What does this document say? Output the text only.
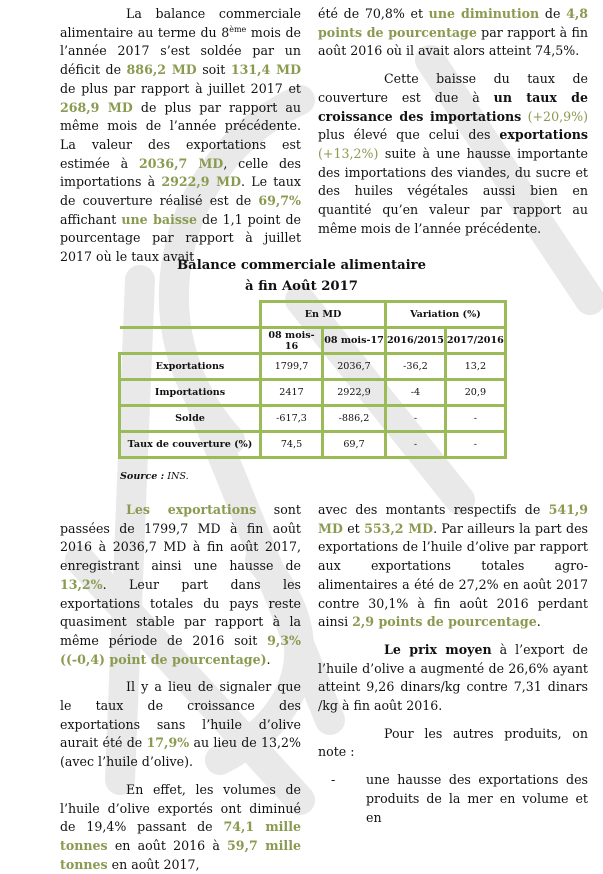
La balance commerciale alimentaire au terme du 8ème mois de l’année 2017 s’est soldée par un déficit de 886,2 MD soit 131,4 MD de plus par rapport à juillet 2017 et 268,9 MD de plus par rapport au même mois de l’année précédente. La valeur des exportations est estimée à 2036,7 MD, celle des importations à 2922,9 MD. Le taux de couverture réalisé est de 69,7% affichant une baisse de 1,1 point de pourcentage par rapport à juillet 2017 où le taux avait

été de 70,8% et une diminution de 4,8 points de pourcentage par rapport à fin août 2016 où il avait alors atteint 74,5%.

Cette baisse du taux de couverture est due à un taux de croissance des importations (+20,9%) plus élevé que celui des exportations (+13,2%) suite à une hausse importante des importations des viandes, du sucre et des huiles végétales aussi bien en quantité qu’en valeur par rapport au même mois de l’année précédente.

Balance commerciale alimentaire
à fin Août 2017
	En MD		Variation (%)	
	08 mois-16	08 mois-17	2016/2015	2017/2016
Exportations	1799,7	2036,7	-36,2	13,2
Importations	2417	2922,9	-4	20,9
Solde	-617,3	-886,2	-	-
Taux de couverture (%)	74,5	69,7	-	-
Source : INS.

Les exportations sont passées de 1799,7 MD à fin août 2016 à 2036,7 MD à fin août 2017, enregistrant ainsi une hausse de 13,2%. Leur part dans les exportations totales du pays reste quasiment stable par rapport à la même période de 2016 soit 9,3% ((-0,4) point de pourcentage).

Il y a lieu de signaler que le taux de croissance des exportations sans l’huile d’olive aurait été de 17,9% au lieu de 13,2% (avec l’huile d’olive).

En effet, les volumes de l’huile d’olive exportés ont diminué de 19,4% passant de 74,1 mille tonnes en août 2016 à 59,7 mille tonnes en août 2017,

avec des montants respectifs de 541,9 MD et 553,2 MD. Par ailleurs la part des exportations de l’huile d’olive par rapport aux exportations totales agro-alimentaires a été de 27,2% en août 2017 contre 30,1% à fin août 2016 perdant ainsi 2,9 points de pourcentage.

Le prix moyen à l’export de l’huile d’olive a augmenté de 26,6% ayant atteint 9,26 dinars/kg contre 7,31 dinars /kg à fin août 2016.

Pour les autres produits, on note :

- une hausse des exportations des produits de la mer en volume et en
